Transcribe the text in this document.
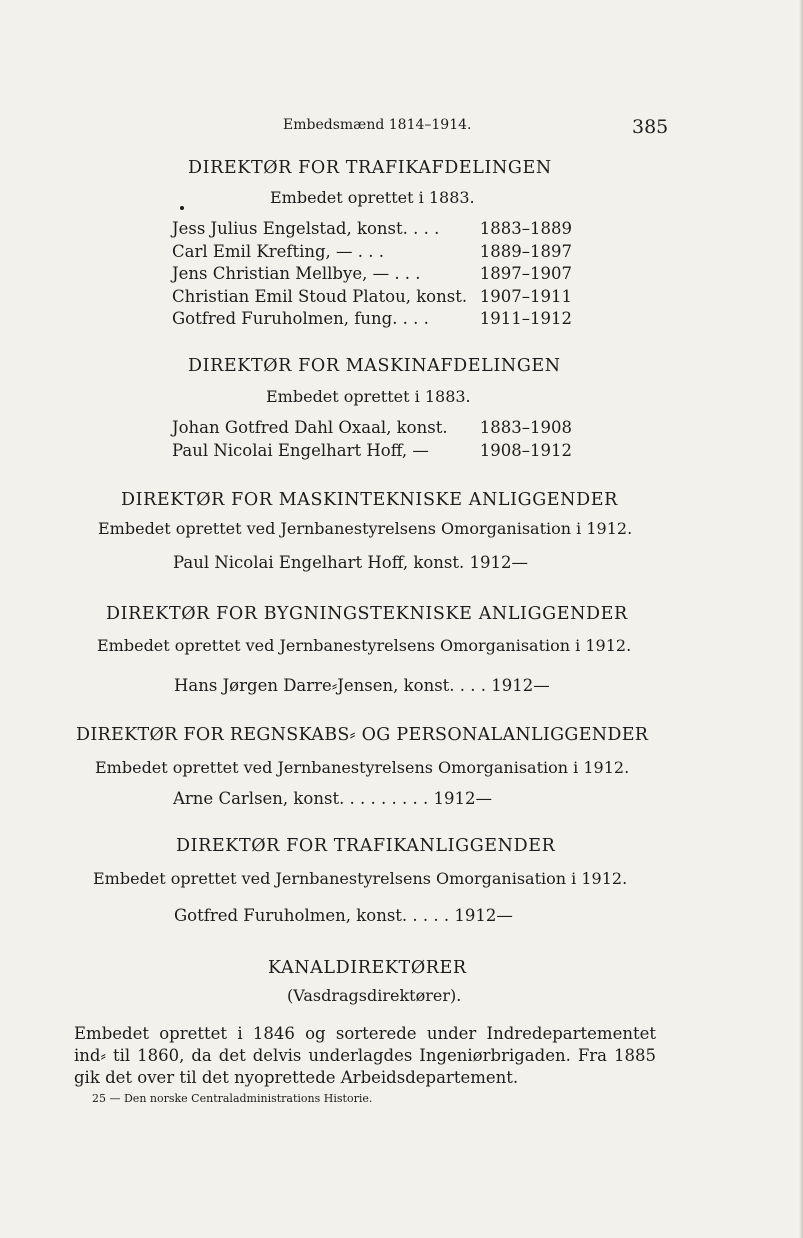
Embedsmænd 1814–1914.	385
DIREKTØR FOR TRAFIKAFDELINGEN
Embedet oprettet i 1883.
Jess Julius Engelstad, konst. . . . 1883–1889
Carl Emil Krefting, — . . .	1889–1897
Jens Christian Mellbye, — . . .	1897–1907
Christian Emil Stoud Platou, konst. 1907–1911
Gotfred Furuholmen, fung. . . .	1911–1912
DIREKTØR FOR MASKINAFDELINGEN
Embedet oprettet i 1883.
Johan Gotfred Dahl Oxaal, konst. 1883–1908
Paul Nicolai Engelhart Hoff, —	1908–1912
DIREKTØR FOR MASKINTEKNISKE ANLIGGENDER
Embedet oprettet ved Jernbanestyrelsens Omorganisation i 1912.
Paul Nicolai Engelhart Hoff, konst. 1912—
DIREKTØR FOR BYGNINGSTEKNISKE ANLIGGENDER
Embedet oprettet ved Jernbanestyrelsens Omorganisation i 1912.
Hans Jørgen Darre⸗Jensen, konst. . . . 1912—
DIREKTØR FOR REGNSKABS⸗ OG PERSONALANLIGGENDER
Embedet oprettet ved Jernbanestyrelsens Omorganisation i 1912.
Arne Carlsen, konst. . . . . . . . . 1912—
DIREKTØR FOR TRAFIKANLIGGENDER
Embedet oprettet ved Jernbanestyrelsens Omorganisation i 1912.
Gotfred Furuholmen, konst. . . . . 1912—
KANALDIREKTØRER
(Vasdragsdirektører).
Embedet oprettet i 1846 og sorterede under Indredepartementet ind⸗ til 1860, da det delvis underlagdes Ingeniørbrigaden. Fra 1885 gik det over til det nyoprettede Arbeidsdepartement.
25 — Den norske Centraladministrations Historie.
